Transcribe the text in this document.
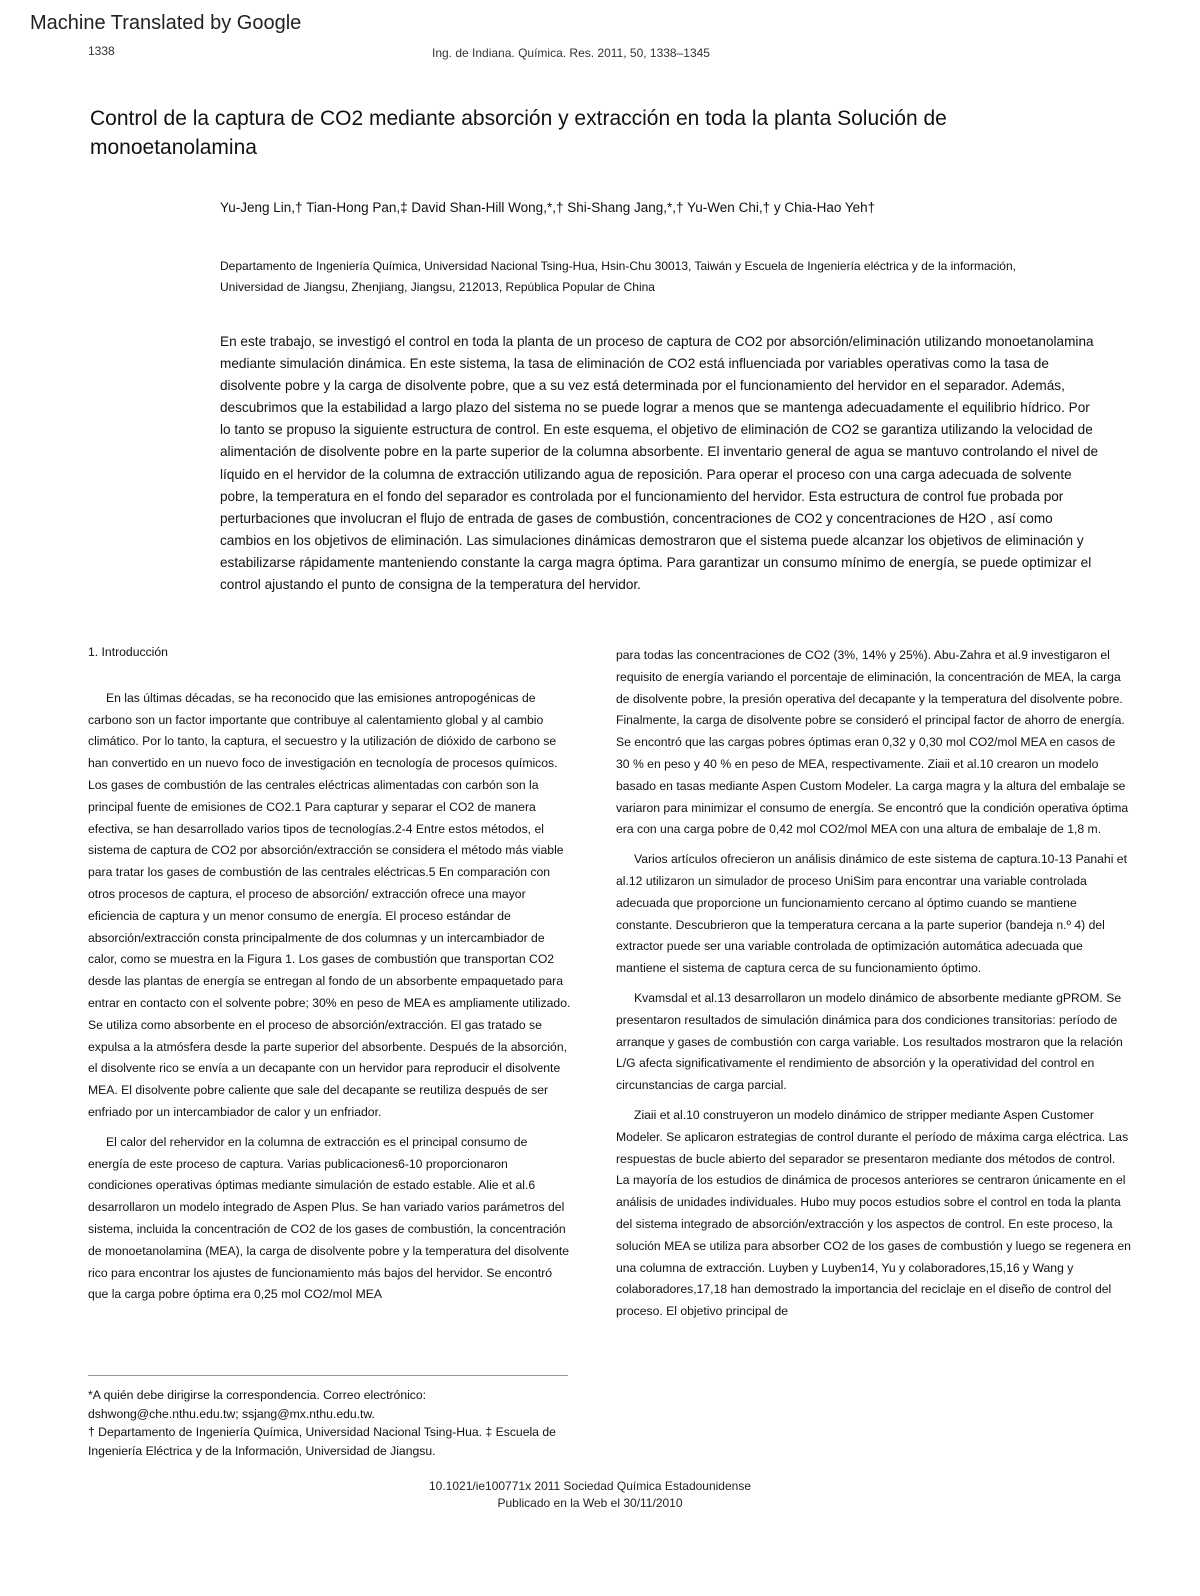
Machine Translated by Google
1338	Ing. de Indiana. Química. Res. 2011, 50, 1338–1345
Control de la captura de CO2 mediante absorción y extracción en toda la planta Solución de monoetanolamina
Yu-Jeng Lin,† Tian-Hong Pan,‡ David Shan-Hill Wong,*,† Shi-Shang Jang,*,† Yu-Wen Chi,† y Chia-Hao Yeh†
Departamento de Ingeniería Química, Universidad Nacional Tsing-Hua, Hsin-Chu 30013, Taiwán y Escuela de Ingeniería eléctrica y de la información, Universidad de Jiangsu, Zhenjiang, Jiangsu, 212013, República Popular de China
En este trabajo, se investigó el control en toda la planta de un proceso de captura de CO2 por absorción/eliminación utilizando monoetanolamina mediante simulación dinámica. En este sistema, la tasa de eliminación de CO2 está influenciada por variables operativas como la tasa de disolvente pobre y la carga de disolvente pobre, que a su vez está determinada por el funcionamiento del hervidor en el separador. Además, descubrimos que la estabilidad a largo plazo del sistema no se puede lograr a menos que se mantenga adecuadamente el equilibrio hídrico. Por lo tanto se propuso la siguiente estructura de control. En este esquema, el objetivo de eliminación de CO2 se garantiza utilizando la velocidad de alimentación de disolvente pobre en la parte superior de la columna absorbente. El inventario general de agua se mantuvo controlando el nivel de líquido en el hervidor de la columna de extracción utilizando agua de reposición. Para operar el proceso con una carga adecuada de solvente pobre, la temperatura en el fondo del separador es controlada por el funcionamiento del hervidor. Esta estructura de control fue probada por perturbaciones que involucran el flujo de entrada de gases de combustión, concentraciones de CO2 y concentraciones de H2O , así como cambios en los objetivos de eliminación. Las simulaciones dinámicas demostraron que el sistema puede alcanzar los objetivos de eliminación y estabilizarse rápidamente manteniendo constante la carga magra óptima. Para garantizar un consumo mínimo de energía, se puede optimizar el control ajustando el punto de consigna de la temperatura del hervidor.

1. Introducción

En las últimas décadas, se ha reconocido que las emisiones antropogénicas de carbono son un factor importante que contribuye al calentamiento global y al cambio climático. Por lo tanto, la captura, el secuestro y la utilización de dióxido de carbono se han convertido en un nuevo foco de investigación en tecnología de procesos químicos. Los gases de combustión de las centrales eléctricas alimentadas con carbón son la principal fuente de emisiones de CO2.1 Para capturar y separar el CO2 de manera efectiva, se han desarrollado varios tipos de tecnologías.2-4 Entre estos métodos, el sistema de captura de CO2 por absorción/extracción se considera el método más viable para tratar los gases de combustión de las centrales eléctricas.5 En comparación con otros procesos de captura, el proceso de absorción/ extracción ofrece una mayor eficiencia de captura y un menor consumo de energía. El proceso estándar de absorción/extracción consta principalmente de dos columnas y un intercambiador de calor, como se muestra en la Figura 1. Los gases de combustión que transportan CO2 desde las plantas de energía se entregan al fondo de un absorbente empaquetado para entrar en contacto con el solvente pobre; 30% en peso de MEA es ampliamente utilizado. Se utiliza como absorbente en el proceso de absorción/extracción. El gas tratado se expulsa a la atmósfera desde la parte superior del absorbente. Después de la absorción, el disolvente rico se envía a un decapante con un hervidor para reproducir el disolvente MEA. El disolvente pobre caliente que sale del decapante se reutiliza después de ser enfriado por un intercambiador de calor y un enfriador.

El calor del rehervidor en la columna de extracción es el principal consumo de energía de este proceso de captura. Varias publicaciones6-10 proporcionaron condiciones operativas óptimas mediante simulación de estado estable. Alie et al.6 desarrollaron un modelo integrado de Aspen Plus. Se han variado varios parámetros del sistema, incluida la concentración de CO2 de los gases de combustión, la concentración de monoetanolamina (MEA), la carga de disolvente pobre y la temperatura del disolvente rico para encontrar los ajustes de funcionamiento más bajos del hervidor. Se encontró que la carga pobre óptima era 0,25 mol CO2/mol MEA

para todas las concentraciones de CO2 (3%, 14% y 25%). Abu-Zahra et al.9 investigaron el requisito de energía variando el porcentaje de eliminación, la concentración de MEA, la carga de disolvente pobre, la presión operativa del decapante y la temperatura del disolvente pobre. Finalmente, la carga de disolvente pobre se consideró el principal factor de ahorro de energía. Se encontró que las cargas pobres óptimas eran 0,32 y 0,30 mol CO2/mol MEA en casos de 30 % en peso y 40 % en peso de MEA, respectivamente. Ziaii et al.10 crearon un modelo basado en tasas mediante Aspen Custom Modeler. La carga magra y la altura del embalaje se variaron para minimizar el consumo de energía. Se encontró que la condición operativa óptima era con una carga pobre de 0,42 mol CO2/mol MEA con una altura de embalaje de 1,8 m.

Varios artículos ofrecieron un análisis dinámico de este sistema de captura.10-13 Panahi et al.12 utilizaron un simulador de proceso UniSim para encontrar una variable controlada adecuada que proporcione un funcionamiento cercano al óptimo cuando se mantiene constante. Descubrieron que la temperatura cercana a la parte superior (bandeja n.º 4) del extractor puede ser una variable controlada de optimización automática adecuada que mantiene el sistema de captura cerca de su funcionamiento óptimo.

Kvamsdal et al.13 desarrollaron un modelo dinámico de absorbente mediante gPROM. Se presentaron resultados de simulación dinámica para dos condiciones transitorias: período de arranque y gases de combustión con carga variable. Los resultados mostraron que la relación L/G afecta significativamente el rendimiento de absorción y la operatividad del control en circunstancias de carga parcial.

Ziaii et al.10 construyeron un modelo dinámico de stripper mediante Aspen Customer Modeler. Se aplicaron estrategias de control durante el período de máxima carga eléctrica. Las respuestas de bucle abierto del separador se presentaron mediante dos métodos de control. La mayoría de los estudios de dinámica de procesos anteriores se centraron únicamente en el análisis de unidades individuales. Hubo muy pocos estudios sobre el control en toda la planta del sistema integrado de absorción/extracción y los aspectos de control. En este proceso, la solución MEA se utiliza para absorber CO2 de los gases de combustión y luego se regenera en una columna de extracción. Luyben y Luyben14, Yu y colaboradores,15,16 y Wang y colaboradores,17,18 han demostrado la importancia del reciclaje en el diseño de control del proceso. El objetivo principal de

*A quién debe dirigirse la correspondencia. Correo electrónico: dshwong@che.nthu.edu.tw; ssjang@mx.nthu.edu.tw.

† Departamento de Ingeniería Química, Universidad Nacional Tsing-Hua. ‡ Escuela de Ingeniería Eléctrica y de la Información, Universidad de Jiangsu.

10.1021/ie100771x 2011 Sociedad Química Estadounidense
Publicado en la Web el 30/11/2010
